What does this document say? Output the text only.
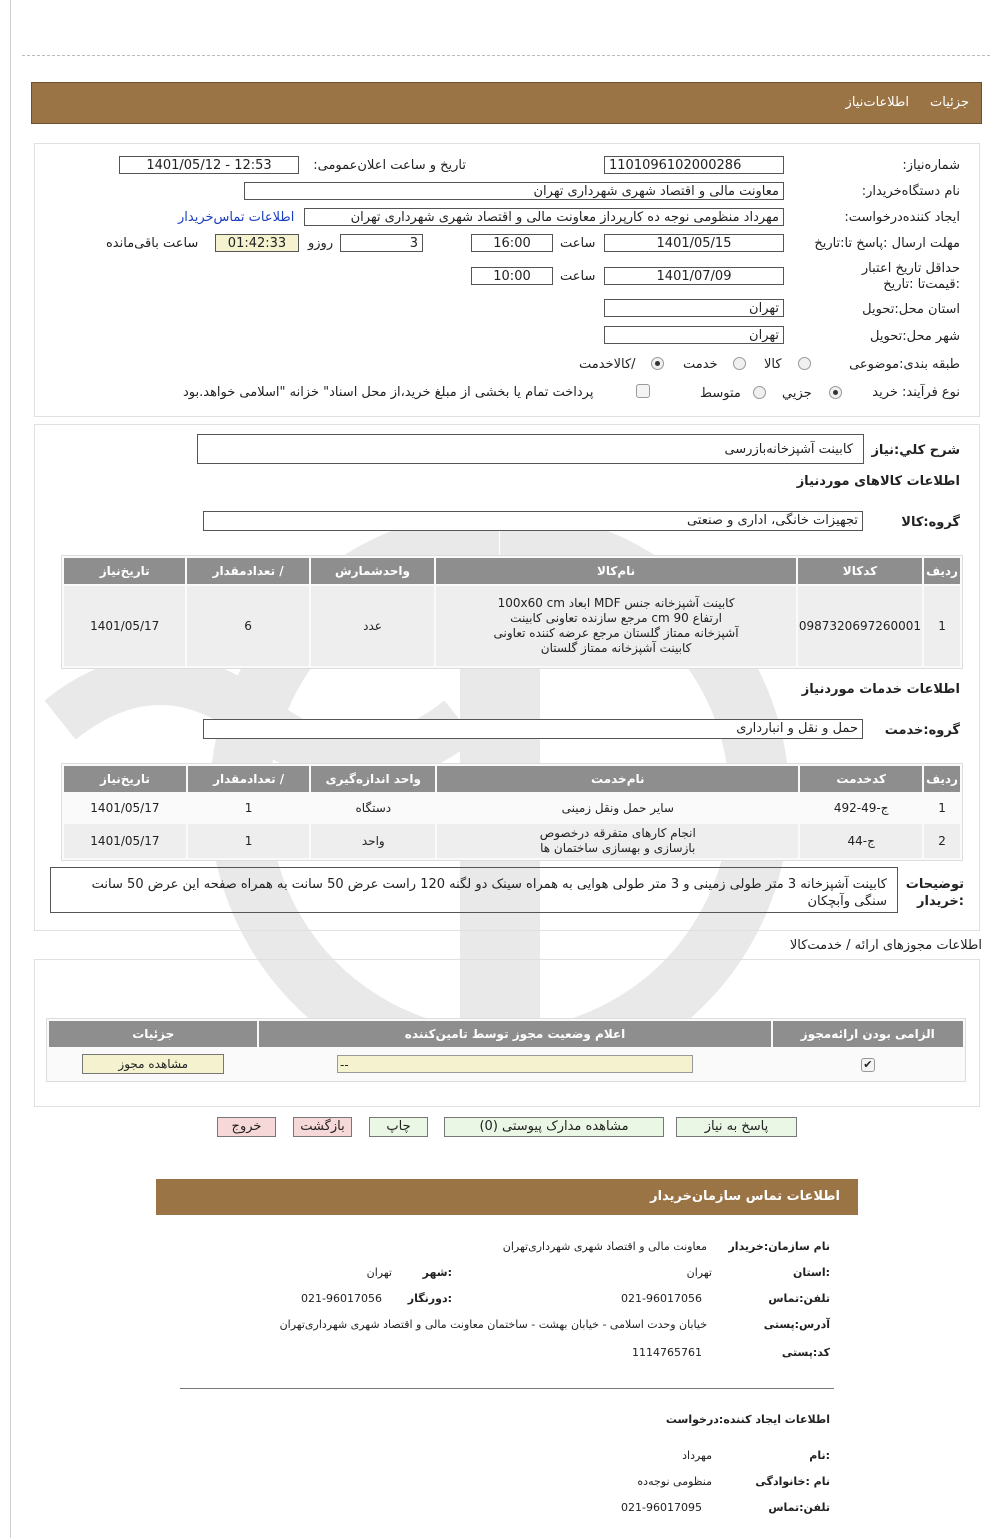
جزئیات
اطلاعات‌نیاز
شماره‌نیاز:
1101096102000286
تاریخ و ساعت اعلان‌عمومی:
1401/05/12 - 12:53
نام دستگاه‌خریدار:
معاونت مالی و اقتصاد شهری شهرداری تهران
ایجاد کننده‌درخواست:
مهرداد منظومی نوجه ده کارپرداز معاونت مالی و اقتصاد شهری شهرداری تهران
اطلاعات تماس‌خریدار
مهلت ارسال :پاسخ تا:تاریخ
1401/05/15
ساعت
16:00
3
روزو
01:42:33
ساعت باقی‌مانده
حداقل تاریخ اعتبار :قیمت‌تا :تاریخ
1401/07/09
ساعت
10:00
استان محل:تحویل
تهران
شهر محل:تحویل
تهران
طبقه بندی:موضوعی
کالا
خدمت
/کالاخدمت
نوع فرآیند: خرید
جزيي
متوسط
پرداخت تمام یا بخشی از مبلغ خرید،از محل اسناد" خزانه "اسلامی خواهد.بود
شرح کلي:نیاز
کابینت آشپزخانه‌بازرسی
اطلاعات کالاهای موردنیاز
گروه:کالا
تجهیزات خانگی، اداری و صنعتی
ردیف	کدکالا	نام‌کالا	واحدشمارش	/ تعدادمقدار	تاریخ‌نیاز
1	0987320697260001	کابینت آشپزخانه جنس MDF ابعاد 100x60 cm ارتفاع 90 cm مرجع سازنده تعاونی کابینت آشپزخانه ممتاز گلستان مرجع عرضه کننده تعاونی کابینت آشپزخانه ممتاز گلستان	عدد	6	1401/05/17
اطلاعات خدمات موردنیاز
گروه:خدمت
حمل و نقل و انبارداری
ردیف	کدخدمت	نام‌خدمت	واحد اندازه‌گیری	/ تعدادمقدار	تاریخ‌نیاز
1	ج-49-492	سایر حمل ونقل زمینی	دستگاه	1	1401/05/17
2	ج-44	انجام کارهای متفرقه درخصوص بازسازی و بهسازی ساختمان ها	واحد	1	1401/05/17
توضیحات :خریدار
کابینت آشپزخانه 3 متر طولی زمینی و 3 متر طولی هوایی به همراه سینک دو لگنه 120 راست عرض 50 سانت به همراه صفحه این عرض 50 سانت سنگی وآبچکان
اطلاعات مجوزهای ارائه / خدمت‌کالا
الزامی بودن ارائه‌مجوز	اعلام وضعیت مجوز توسط تامین‌کننده	جزئیات
✔	--	مشاهده مجوز
پاسخ به نیاز
مشاهده مدارک پیوستی (0)
چاپ
بازگشت
خروج
اطلاعات تماس سازمان‌خریدار
نام سازمان:خریدار
معاونت مالی و اقتصاد شهری شهرداری‌تهران
:استان
تهران
:شهر
تهران
تلفن:تماس
021-96017056
:دورنگار
021-96017056
آدرس:پستی
خیابان وحدت اسلامی - خیابان بهشت - ساختمان معاونت مالی و اقتصاد شهری شهرداری‌تهران
کد:پستی
1114765761
اطلاعات ایجاد کننده:درخواست
:نام
مهرداد
نام :خانوادگی
منظومی نوجه‌ده
تلفن:تماس
021-96017095
